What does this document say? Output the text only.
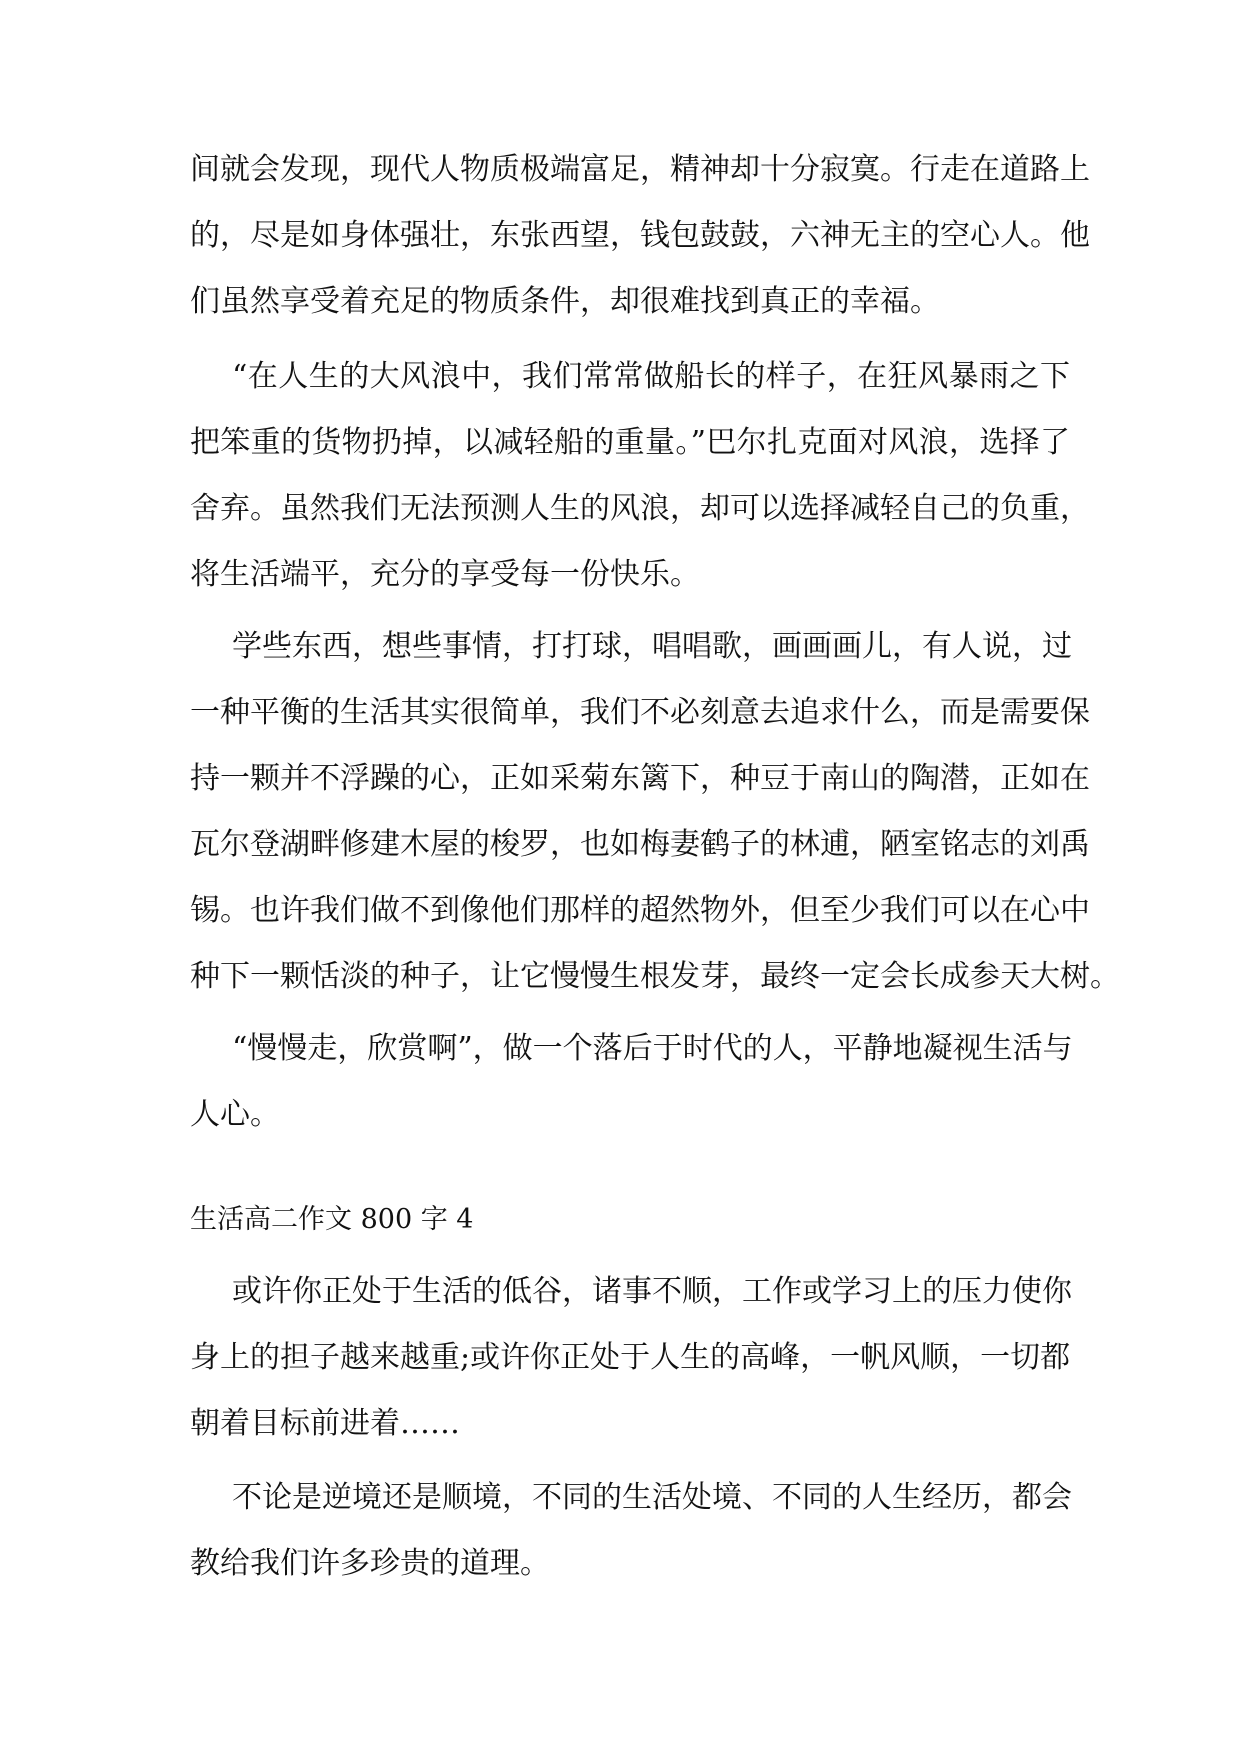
间就会发现，现代人物质极端富足，精神却十分寂寞。行走在道路上
的，尽是如身体强壮，东张西望，钱包鼓鼓，六神无主的空心人。他
们虽然享受着充足的物质条件，却很难找到真正的幸福。
“在人生的大风浪中，我们常常做船长的样子，在狂风暴雨之下
把笨重的货物扔掉，以减轻船的重量。”巴尔扎克面对风浪，选择了
舍弃。虽然我们无法预测人生的风浪，却可以选择减轻自己的负重，
将生活端平，充分的享受每一份快乐。
学些东西，想些事情，打打球，唱唱歌，画画画儿，有人说，过
一种平衡的生活其实很简单，我们不必刻意去追求什么，而是需要保
持一颗并不浮躁的心，正如采菊东篱下，种豆于南山的陶潜，正如在
瓦尔登湖畔修建木屋的梭罗，也如梅妻鹤子的林逋，陋室铭志的刘禹
锡。也许我们做不到像他们那样的超然物外，但至少我们可以在心中
种下一颗恬淡的种子，让它慢慢生根发芽，最终一定会长成参天大树。
“慢慢走，欣赏啊”，做一个落后于时代的人，平静地凝视生活与
人心。
生活高二作文 800 字 4
或许你正处于生活的低谷，诸事不顺，工作或学习上的压力使你
身上的担子越来越重;或许你正处于人生的高峰，一帆风顺，一切都
朝着目标前进着……
不论是逆境还是顺境，不同的生活处境、不同的人生经历，都会
教给我们许多珍贵的道理。
